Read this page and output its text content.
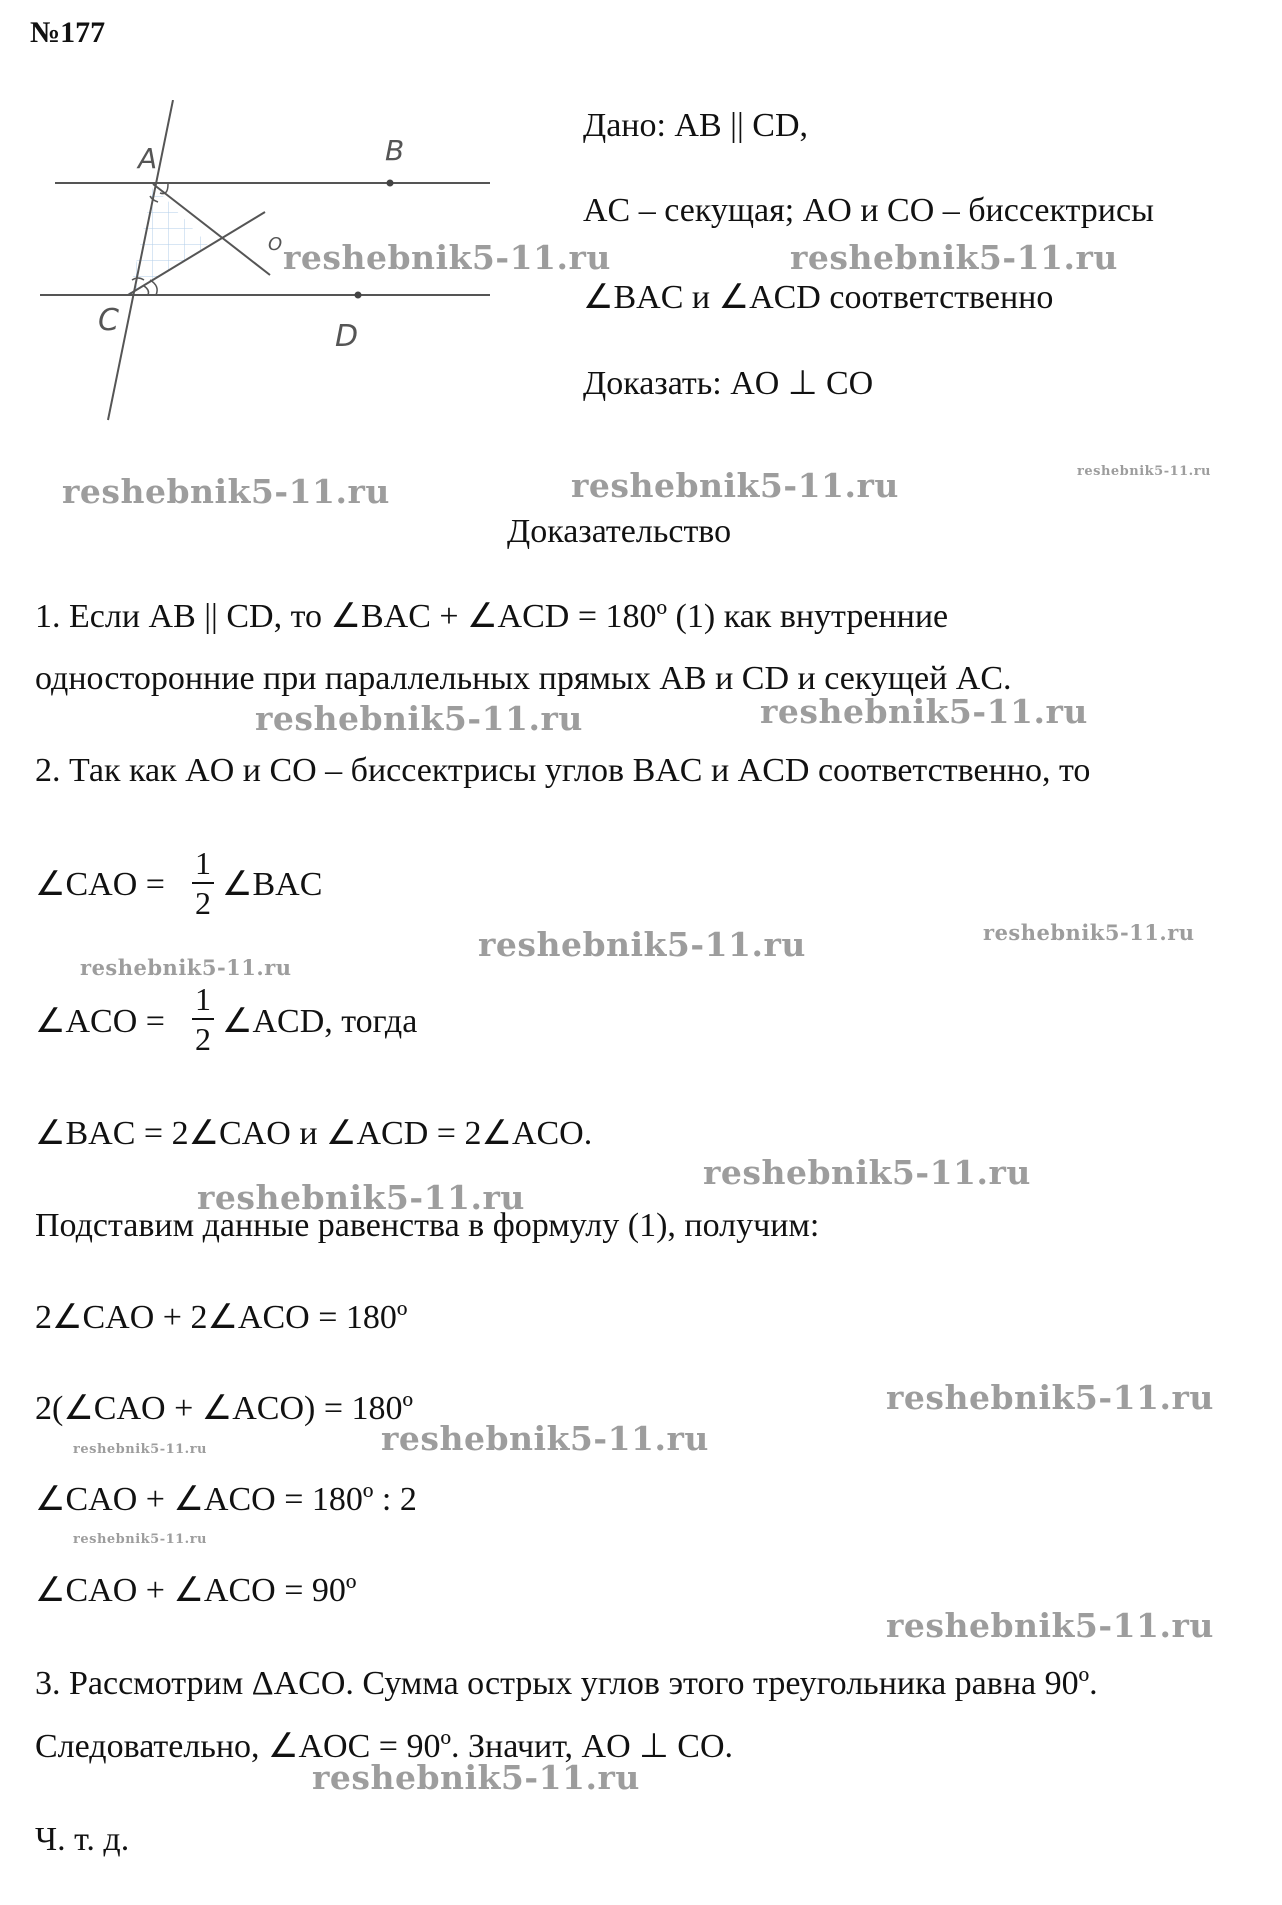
№177
A	B
O
C	D
Дано: AB || CD,
AC – секущая; AO и CO – биссектрисы
∠BAC и ∠ACD соответственно
Доказать: AO ⊥ CO
Доказательство
1. Если AB || CD, то ∠BAC + ∠ACD = 180º (1) как внутренние
односторонние при параллельных прямых AB и CD и секущей AC.
2. Так как AO и CO – биссектрисы углов BAC и ACD соответственно, то
∠CAO =
1
2 ∠BAC
∠ACO =
1
2 ∠ACD, тогда
∠BAC = 2∠CAO и ∠ACD = 2∠ACO.
Подставим данные равенства в формулу (1), получим:
2∠CAO + 2∠ACO = 180º
2(∠CAO + ∠ACO) = 180º
∠CAO + ∠ACO = 180º : 2
∠CAO + ∠ACO = 90º
3. Рассмотрим ΔACO. Сумма острых углов этого треугольника равна 90º.
Следовательно, ∠AOC = 90º. Значит, AO ⊥ CO.
Ч. т. д.
reshebnik5-11.ru	reshebnik5-11.ru
reshebnik5-11.ru	reshebnik5-11.ru	reshebnik5-11.ru
reshebnik5-11.ru	reshebnik5-11.ru
reshebnik5-11.ru
reshebnik5-11.ru	reshebnik5-11.ru
reshebnik5-11.ru
reshebnik5-11.ru
reshebnik5-11.ru
reshebnik5-11.ru
reshebnik5-11.ru
reshebnik5-11.ru
reshebnik5-11.ru
reshebnik5-11.ru
